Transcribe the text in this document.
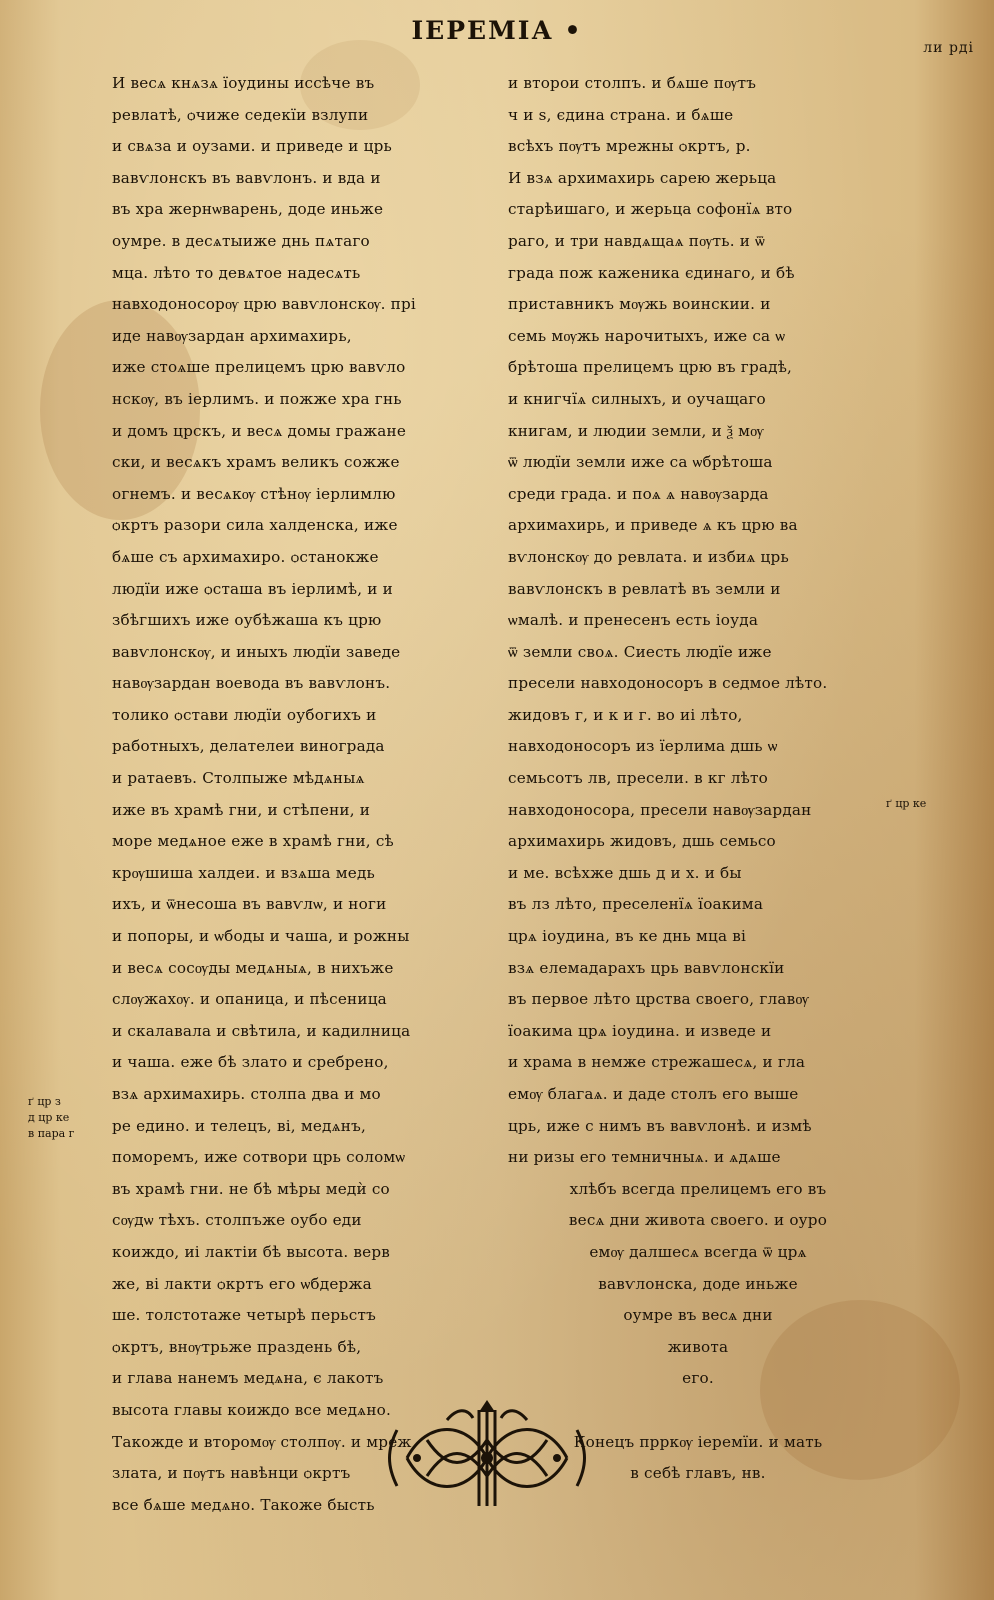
ІЕРЕМІА •
ли рді
И весѧ кнѧзѧ їоудины иссѣче въ
ревлатѣ, ѻчиже седекїи взлупи
и свѧза и оузами. и приведе и црь
вавѵлонскъ въ вавѵлонъ. и вда и
въ хра жернѡварень, доде иньже
оумре. в десѧтыиже днь пѧтаго
мца. лѣто то девѧтое надесѧть
навходоносорѹ црю вавѵлонскѹ. прі
иде навѹзардан архимахирь,
иже стоѧше прелицемъ црю вавѵло
нскѹ, въ іерлимъ. и пожже хра гнь
и домъ црскъ, и весѧ домы гражане
ски, и весѧкъ храмъ великъ сожже
огнемъ. и весѧкѹ стѣнѹ іерлимлю
ѻкртъ разори сила халденска, иже
бѧше съ архимахиро. ѻстанокже
людїи иже ѻсташа въ іерлимѣ, и и
збѣгшихъ иже оубѣжаша къ црю
вавѵлонскѹ, и иныхъ людїи заведе
навѹзардан воевода въ вавѵлонъ.
толико ѻстави людїи оубогихъ и
работныхъ, делателеи винограда
и ратаевъ. Столпыже мѣдѧныѧ
иже въ храмѣ гни, и стѣпени, и
море медѧное еже в храмѣ гни, сѣ
крѹшиша халдеи. и взѧша медь
ихъ, и ѿнесоша въ вавѵлѡ, и ноги
и попоры, и ѡбоды и чаша, и рожны
и весѧ сосѹды медѧныѧ, в нихъже
слѹжахѹ. и опаница, и пѣсеница
и скалавала и свѣтила, и кадилница
и чаша. еже бѣ злато и сребрено,
взѧ архимахирь. столпа два и мо
ре едино. и телецъ, ві, медѧнъ,
поморемъ, иже сотвори црь соломѡ
въ храмѣ гни. не бѣ мѣры медѝ со
сѹдѡ тѣхъ. столпъже оубо еди
коиждо, иі лактіи бѣ высота. верв
же, ві лакти ѻкртъ его ѡбдержа
ше. толстотаже четырѣ перьстъ
ѻкртъ, внѹтрьже праздень бѣ,
и глава нанемъ медѧна, є лакотъ
высота главы коиждо все медѧно.
Такожде и второмѹ столпѹ. и мреж
злата, и пѹтъ навѣнци ѻкртъ
все бѧше медѧно. Такоже бысть
и второи столпъ. и бѧше пѹтъ
ч и ѕ, єдина страна. и бѧше
всѣхъ пѹтъ мрежны ѻкртъ, р.
И взѧ архимахирь сарею жерьца
старѣишаго, и жерьца софонїѧ вто
раго, и три навдѧщаѧ пѹть. и ѿ
града пож каженика єдинаго, и бѣ
приставникъ мѹжь воинскии. и
семь мѹжь нарочитыхъ, иже са ѡ
брѣтоша прелицемъ црю въ градѣ,
и книгчїѧ силныхъ, и оучащаго
книгам, и людии земли, и ѯ мѹ
ѿ людїи земли иже са ѡбрѣтоша
среди града. и поѧ ѧ навѹзарда
архимахирь, и приведе ѧ къ црю ва
вѵлонскѹ до ревлата. и избиѧ црь
вавѵлонскъ в ревлатѣ въ земли и
ѡмалѣ. и пренесенъ есть іоуда
ѿ земли своѧ. Сиесть людїе иже
пресели навходоносоръ в седмое лѣто.
жидовъ г, и к и г. во иі лѣто,
навходоносоръ из їерлима дшь ѡ
семьсотъ лв, пресели. в кг лѣто
навходоносора, пресели навѹзардан
архимахирь жидовъ, дшь семьсо
и ме. всѣхже дшь д и х. и бы
въ лз лѣто, преселенїѧ їоакима
црѧ іоудина, въ ке днь мца ві
взѧ елемадарахъ црь вавѵлонскїи
въ первое лѣто црства своего, главѹ
їоакима црѧ іоудина. и изведе и
и храма в немже стрежашесѧ, и гла
емѹ благаѧ. и даде столъ его выше
црь, иже с нимъ въ вавѵлонѣ. и измѣ
ни ризы его темничныѧ. и ѧдѧше
хлѣбъ всегда прелицемъ его въ
весѧ дни живота своего. и оуро
емѹ далшесѧ всегда ѿ црѧ
вавѵлонска, доде иньже
оумре въ весѧ дни
живота
его.

Конецъ прркѹ іеремїи. и мать
в себѣ главъ, нв.
ґ цр з
д цр ке
в пара г
ґ цр ке
